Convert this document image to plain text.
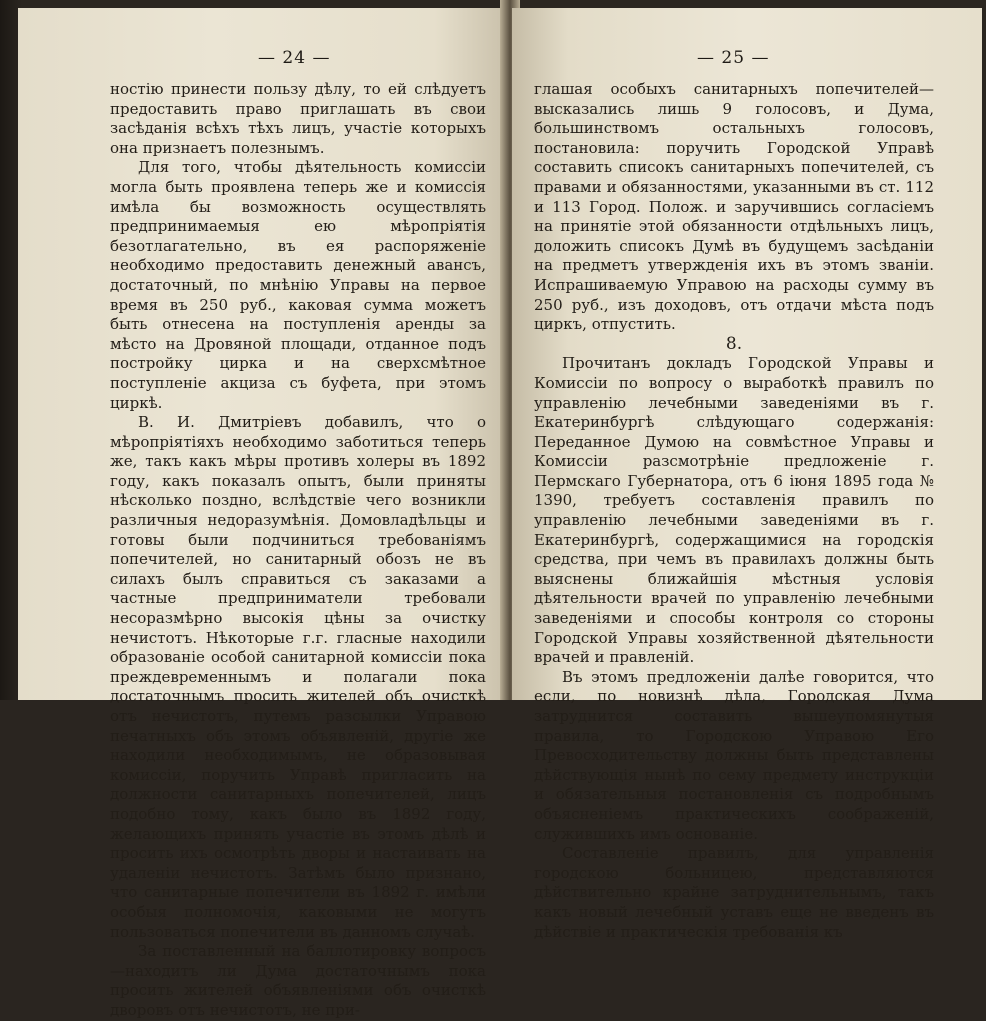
— 24 —

ностію принести пользу дѣлу, то ей слѣдуетъ предоставить право приглашать въ свои засѣданія всѣхъ тѣхъ лицъ, участіе которыхъ она признаетъ полезнымъ.

Для того, чтобы дѣятельность комиссіи могла быть проявлена теперь же и комиссія имѣла бы возможность осуществлять предпринимаемыя ею мѣропріятія безотлагательно, въ ея распоряженіе необходимо предоставить денежный авансъ, достаточный, по мнѣнію Управы на первое время въ 250 руб., каковая сумма можетъ быть отнесена на поступленія аренды за мѣсто на Дровяной площади, отданное подъ постройку цирка и на сверхсмѣтное поступленіе акциза съ буфета, при этомъ циркѣ.

В. И. Дмитріевъ добавилъ, что о мѣропріятіяхъ необходимо заботиться теперь же, такъ какъ мѣры противъ холеры въ 1892 году, какъ показалъ опытъ, были приняты нѣсколько поздно, вслѣдствіе чего возникли различныя недоразумѣнія. Домовладѣльцы и готовы были подчиниться требованіямъ попечителей, но санитарный обозъ не въ силахъ былъ справиться съ заказами а частные предприниматели требовали несоразмѣрно высокія цѣны за очистку нечистотъ. Нѣкоторые г.г. гласные находили образованіе особой санитарной комиссіи пока преждевременнымъ и полагали пока достаточнымъ просить жителей объ очисткѣ отъ нечистотъ, путемъ разсылки Управою печатныхъ объ этомъ объявленій, другіе же находили необходимымъ, не образовывая комиссіи, поручить Управѣ пригласить на должности санитарныхъ попечителей, лицъ подобно тому, какъ было въ 1892 году, желающихъ принять участіе въ этомъ дѣлѣ и просить ихъ осмотрѣть дворы и настаивать на удаленіи нечистотъ. Затѣмъ было признано, что санитарные попечители въ 1892 г. имѣли особыя полномочія, каковыми не могутъ пользоваться попечители въ данномъ случаѣ.

За поставленный на баллотировку вопросъ—находитъ ли Дума достаточнымъ пока просить жителей объявленіями объ очисткѣ дворовъ отъ нечистотъ, не при-

— 25 —

глашая особыхъ санитарныхъ попечителей—высказались лишь 9 голосовъ, и Дума, большинствомъ остальныхъ голосовъ, постановила: поручить Городской Управѣ составить списокъ санитарныхъ попечителей, съ правами и обязанностями, указанными въ ст. 112 и 113 Город. Полож. и заручившись согласіемъ на принятіе этой обязанности отдѣльныхъ лицъ, доложить списокъ Думѣ въ будущемъ засѣданіи на предметъ утвержденія ихъ въ этомъ званіи. Испрашиваемую Управою на расходы сумму въ 250 руб., изъ доходовъ, отъ отдачи мѣста подъ циркъ, отпустить.

8.

Прочитанъ докладъ Городской Управы и Комиссіи по вопросу о выработкѣ правилъ по управленію лечебными заведеніями въ г. Екатеринбургѣ слѣдующаго содержанія: Переданное Думою на совмѣстное Управы и Комиссіи разсмотрѣніе предложеніе г. Пермскаго Губернатора, отъ 6 іюня 1895 года № 1390, требуетъ составленія правилъ по управленію лечебными заведеніями въ г. Екатеринбургѣ, содержащимися на городскія средства, при чемъ въ правилахъ должны быть выяснены ближайшія мѣстныя условія дѣятельности врачей по управленію лечебными заведеніями и способы контроля со стороны Городской Управы хозяйственной дѣятельности врачей и правленій.

Въ этомъ предложеніи далѣе говорится, что если, по новизнѣ дѣла, Городская Дума затруднится составить вышеупомянутыя правила, то Городскою Управою Его Превосходительству должны быть представлены дѣйствующія нынѣ по сему предмету инструкціи и обязательныя постановленія съ подробнымъ объясненіемъ практическихъ соображеній, служившихъ имъ основаніе.

Составленіе правилъ, для управленія городскою больницею, представляются дѣйствительно крайне затруднительнымъ, такъ какъ новый лечебный уставъ еще не введенъ въ дѣйствіе и практическія требованія къ
